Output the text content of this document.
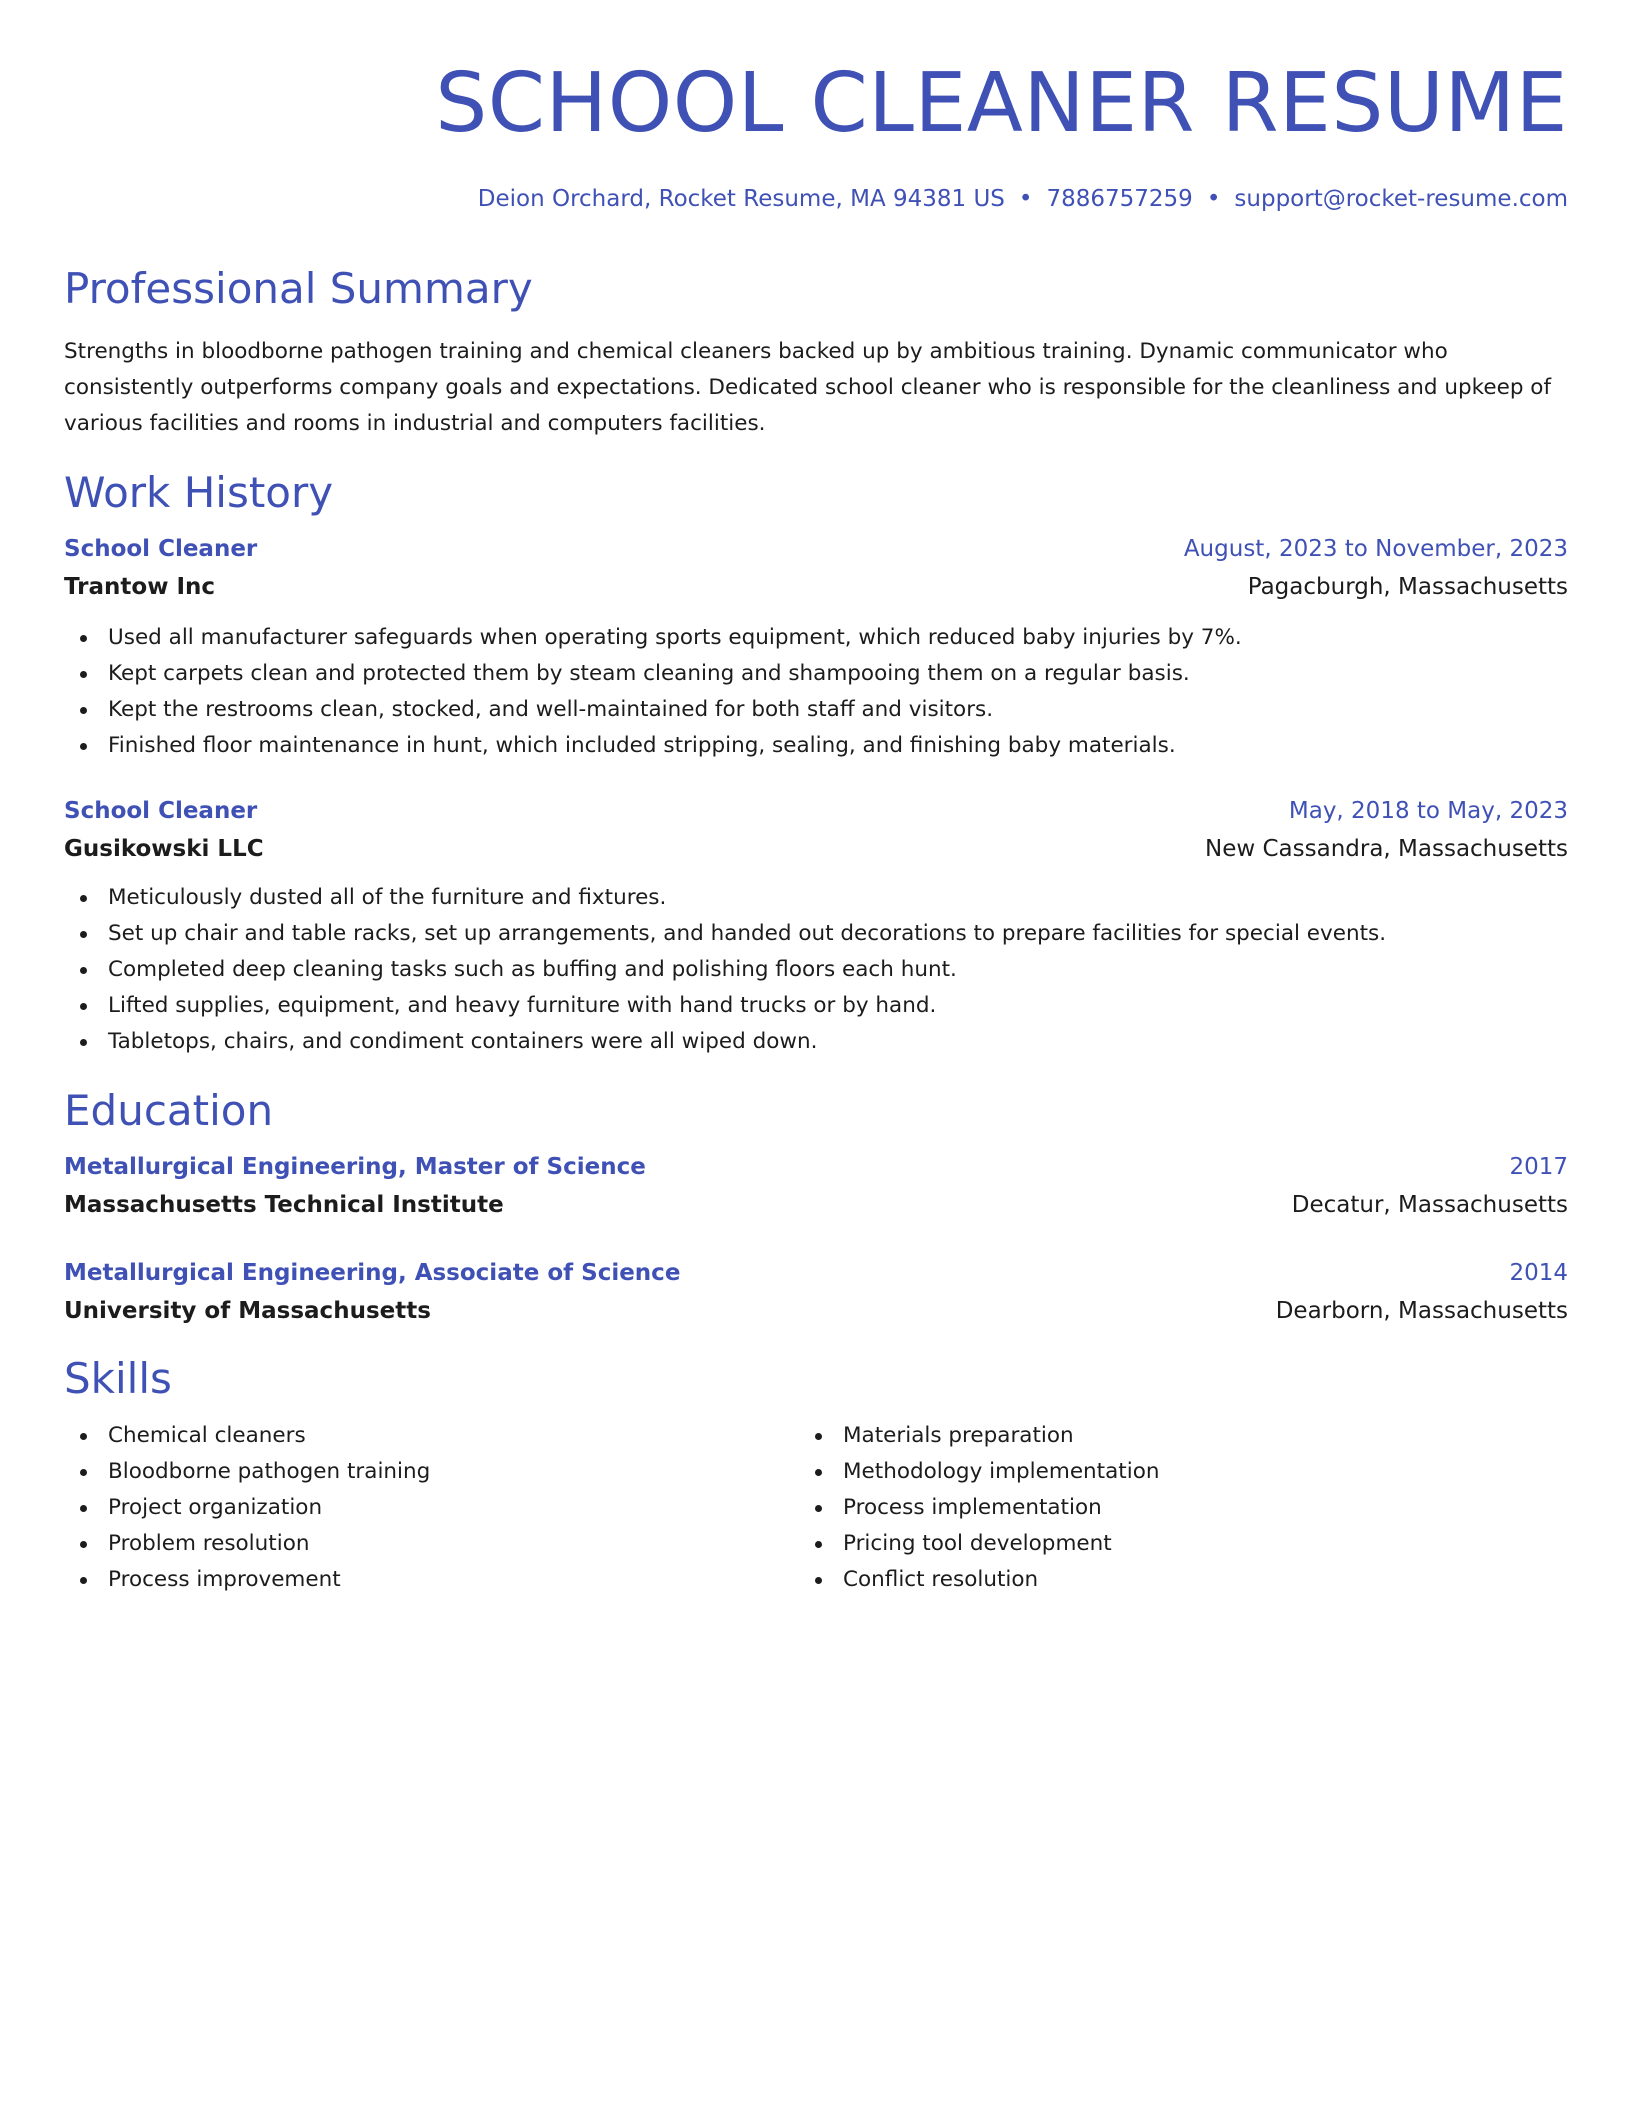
SCHOOL CLEANER RESUME
Deion Orchard, Rocket Resume, MA 94381 US • 7886757259 • support@rocket-resume.com
Professional Summary

Strengths in bloodborne pathogen training and chemical cleaners backed up by ambitious training. Dynamic communicator who consistently outperforms company goals and expectations. Dedicated school cleaner who is responsible for the cleanliness and upkeep of various facilities and rooms in industrial and computers facilities.

Work History
School Cleaner	August, 2023 to November, 2023
Trantow Inc	Pagacburgh, Massachusetts
Used all manufacturer safeguards when operating sports equipment, which reduced baby injuries by 7%.
Kept carpets clean and protected them by steam cleaning and shampooing them on a regular basis.
Kept the restrooms clean, stocked, and well-maintained for both staff and visitors.
Finished floor maintenance in hunt, which included stripping, sealing, and finishing baby materials.
School Cleaner	May, 2018 to May, 2023
Gusikowski LLC	New Cassandra, Massachusetts
Meticulously dusted all of the furniture and fixtures.
Set up chair and table racks, set up arrangements, and handed out decorations to prepare facilities for special events.
Completed deep cleaning tasks such as buffing and polishing floors each hunt.
Lifted supplies, equipment, and heavy furniture with hand trucks or by hand.
Tabletops, chairs, and condiment containers were all wiped down.
Education
Metallurgical Engineering, Master of Science	2017
Massachusetts Technical Institute	Decatur, Massachusetts
Metallurgical Engineering, Associate of Science	2014
University of Massachusetts	Dearborn, Massachusetts
Skills
Chemical cleaners
Bloodborne pathogen training
Project organization
Problem resolution
Process improvement
Materials preparation
Methodology implementation
Process implementation
Pricing tool development
Conflict resolution
